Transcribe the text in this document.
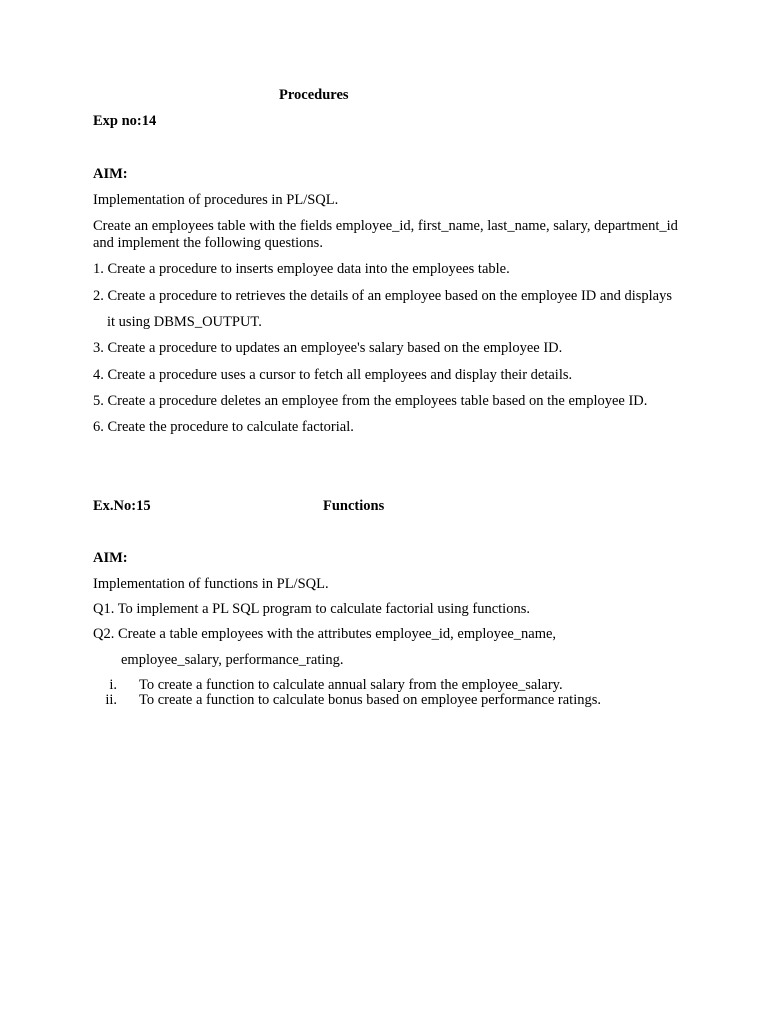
Procedures
Exp no:14
AIM:
Implementation of procedures in PL/SQL.
Create an employees table with the fields employee_id, first_name, last_name, salary, department_id
and implement the following questions.
1. Create a procedure to inserts employee data into the employees table.
2. Create a procedure to retrieves the details of an employee based on the employee ID and displays
it using DBMS_OUTPUT.
3. Create a procedure to updates an employee's salary based on the employee ID.
4. Create a procedure uses a cursor to fetch all employees and display their details.
5. Create a procedure deletes an employee from the employees table based on the employee ID.
6. Create the procedure to calculate factorial.
Ex.No:15	Functions
AIM:
Implementation of functions in PL/SQL.
Q1. To implement a PL SQL program to calculate factorial using functions.
Q2. Create a table employees with the attributes employee_id, employee_name,
employee_salary, performance_rating.
i. To create a function to calculate annual salary from the employee_salary.
ii. To create a function to calculate bonus based on employee performance ratings.
